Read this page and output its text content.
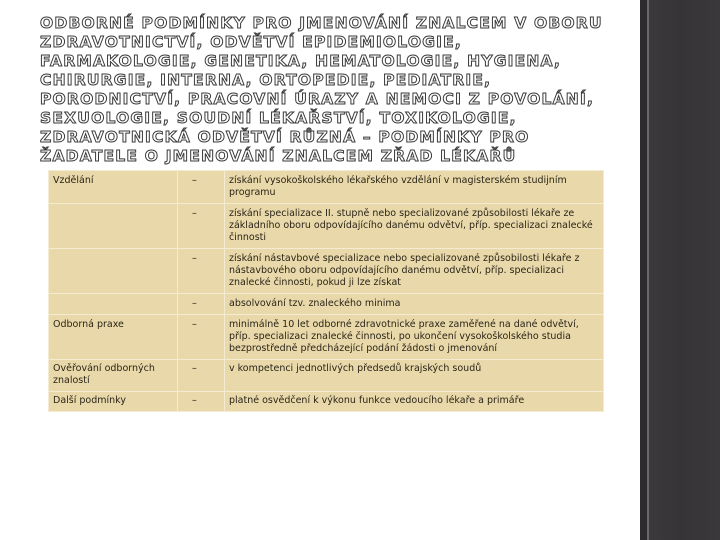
ODBORNÉ PODMÍNKY PRO JMENOVÁNÍ ZNALCEM V OBORU ZDRAVOTNICTVÍ, ODVĚTVÍ EPIDEMIOLOGIE, FARMAKOLOGIE, GENETIKA, HEMATOLOGIE, HYGIENA, CHIRURGIE, INTERNA, ORTOPEDIE, PEDIATRIE, PORODNICTVÍ, PRACOVNÍ ÚRAZY A NEMOCI Z POVOLÁNÍ, SEXUOLOGIE, SOUDNÍ LÉKAŘSTVÍ, TOXIKOLOGIE, ZDRAVOTNICKÁ ODVĚTVÍ RŮZNÁ – PODMÍNKY PRO ŽADATELE O JMENOVÁNÍ ZNALCEM ZŘAD LÉKAŘŮ
Vzdělání	–	získání vysokoškolského lékařského vzdělání v magisterském studijním programu
	–	získání specializace II. stupně nebo specializované způsobilosti lékaře ze základního oboru odpovídajícího danému odvětví, příp. specializaci znalecké činnosti
	–	získání nástavbové specializace nebo specializované způsobilosti lékaře z nástavbového oboru odpovídajícího danému odvětví, příp. specializaci znalecké činnosti, pokud ji lze získat
	–	absolvování tzv. znaleckého minima
Odborná praxe	–	minimálně 10 let odborné zdravotnické praxe zaměřené na dané odvětví, příp. specializaci znalecké činnosti, po ukončení vysokoškolského studia bezprostředně předcházející podání žádosti o jmenování
Ověřování odborných znalostí	–	v kompetenci jednotlivých předsedů krajských soudů
Další podmínky	–	platné osvědčení k výkonu funkce vedoucího lékaře a primáře
